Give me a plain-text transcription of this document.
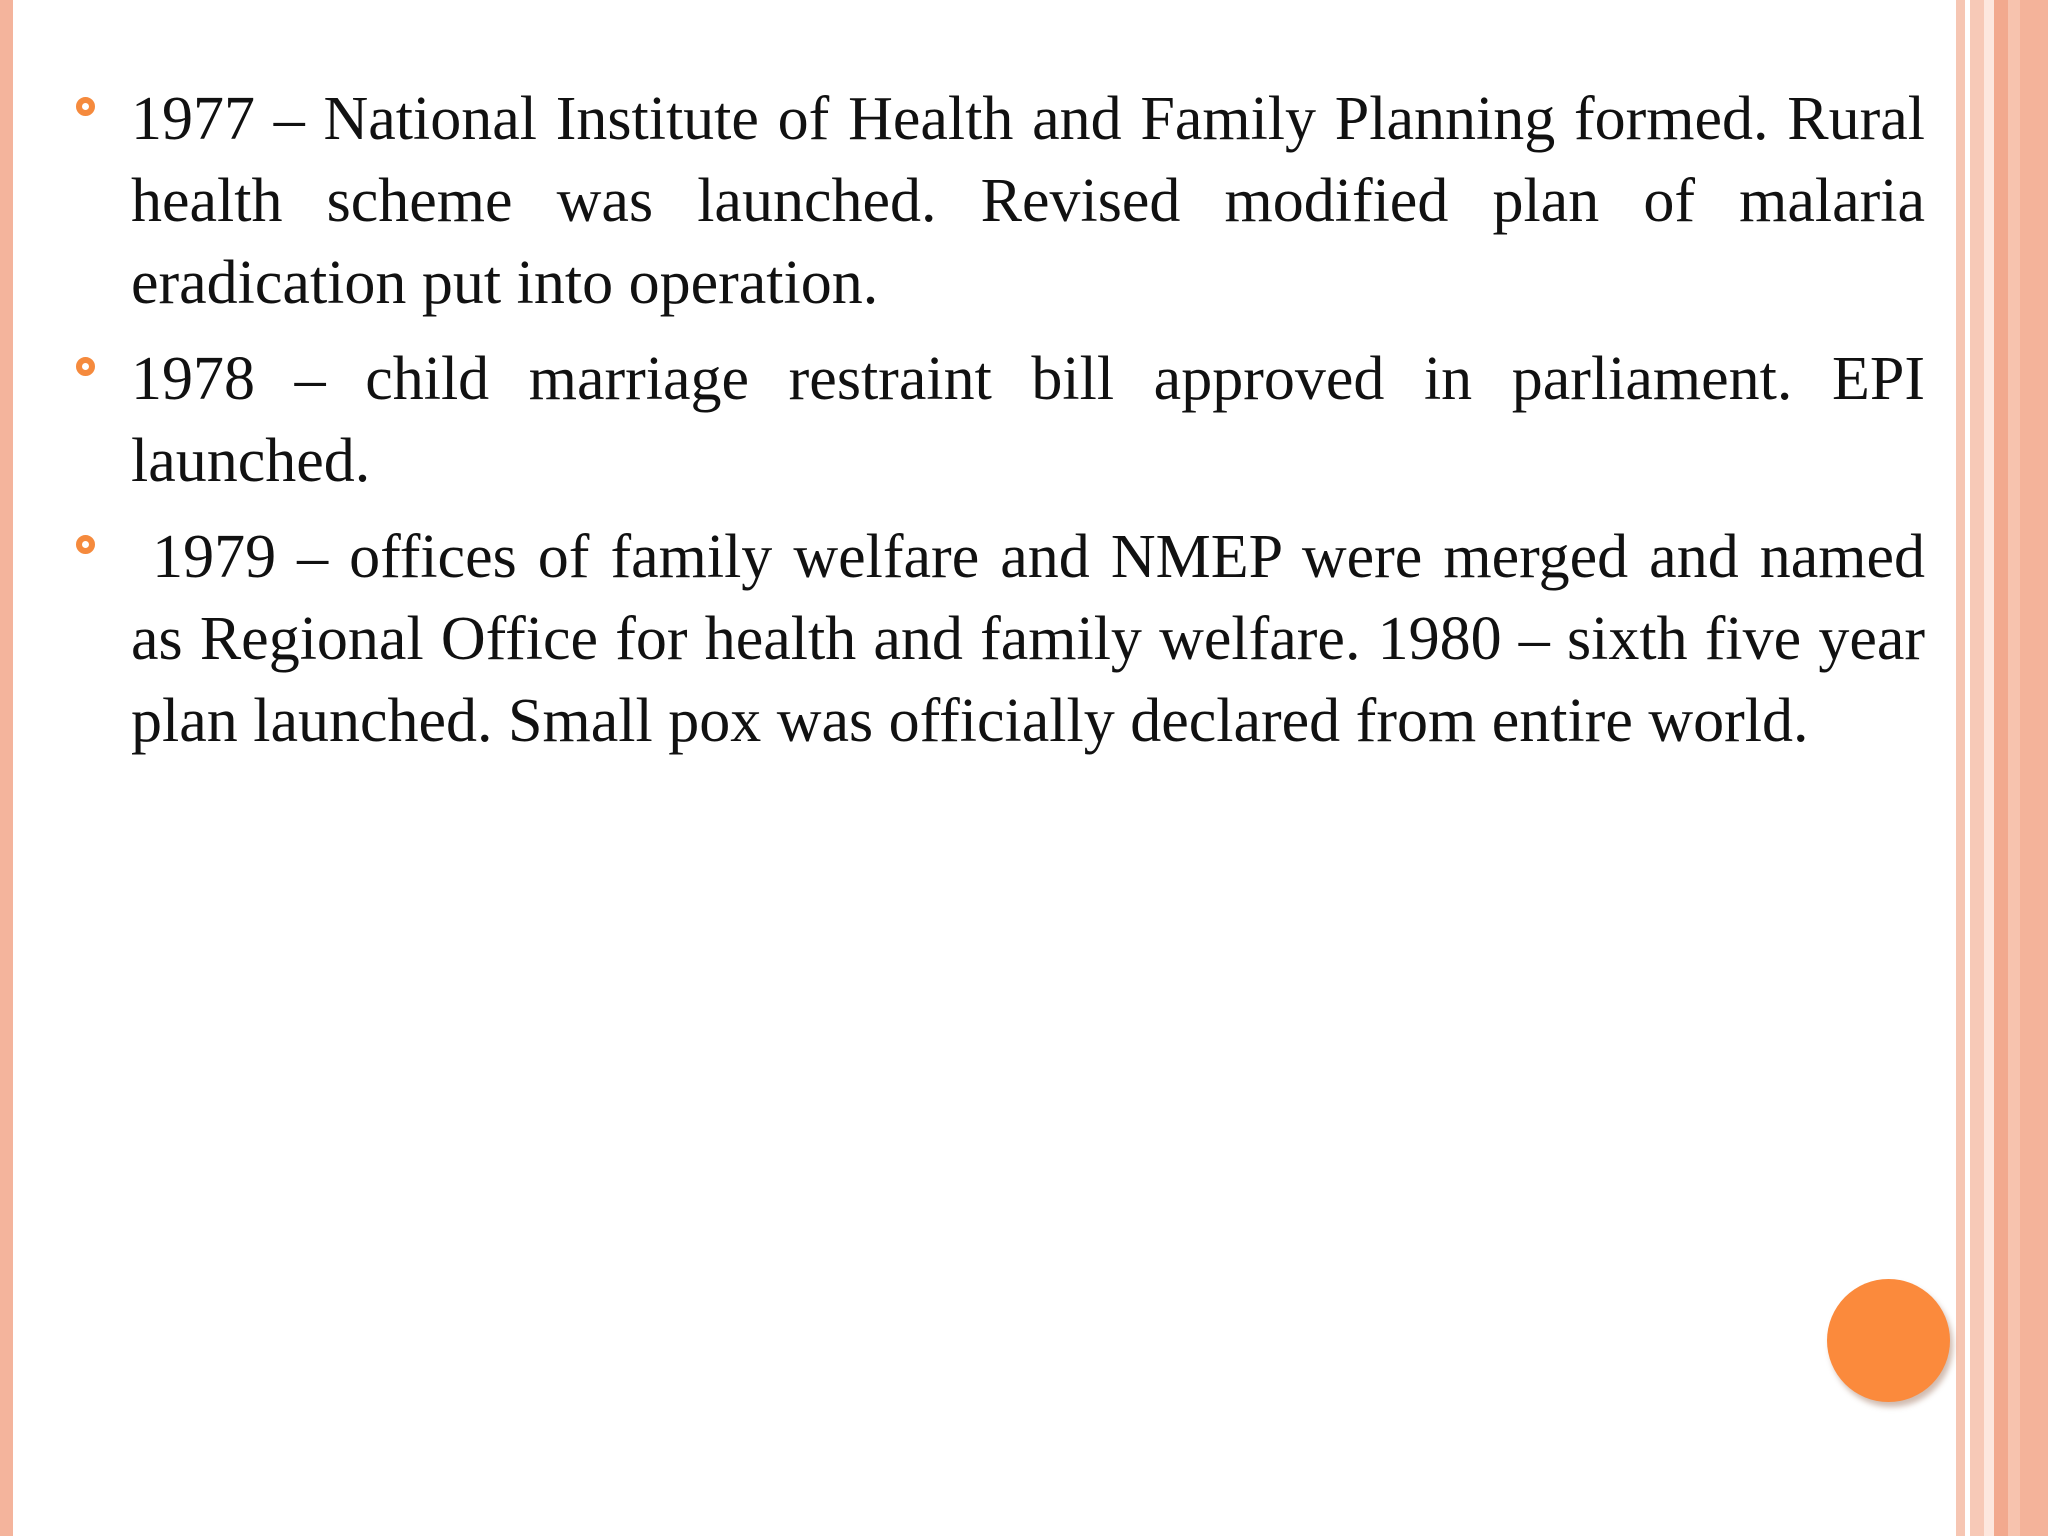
1977 – National Institute of Health and Family Planning formed. Rural health scheme was launched. Revised modified plan of malaria eradication put into operation.

1978 – child marriage restraint bill approved in parliament. EPI launched.

1979 – offices of family welfare and NMEP were merged and named as Regional Office for health and family welfare. 1980 – sixth five year plan launched. Small pox was officially declared from entire world.
